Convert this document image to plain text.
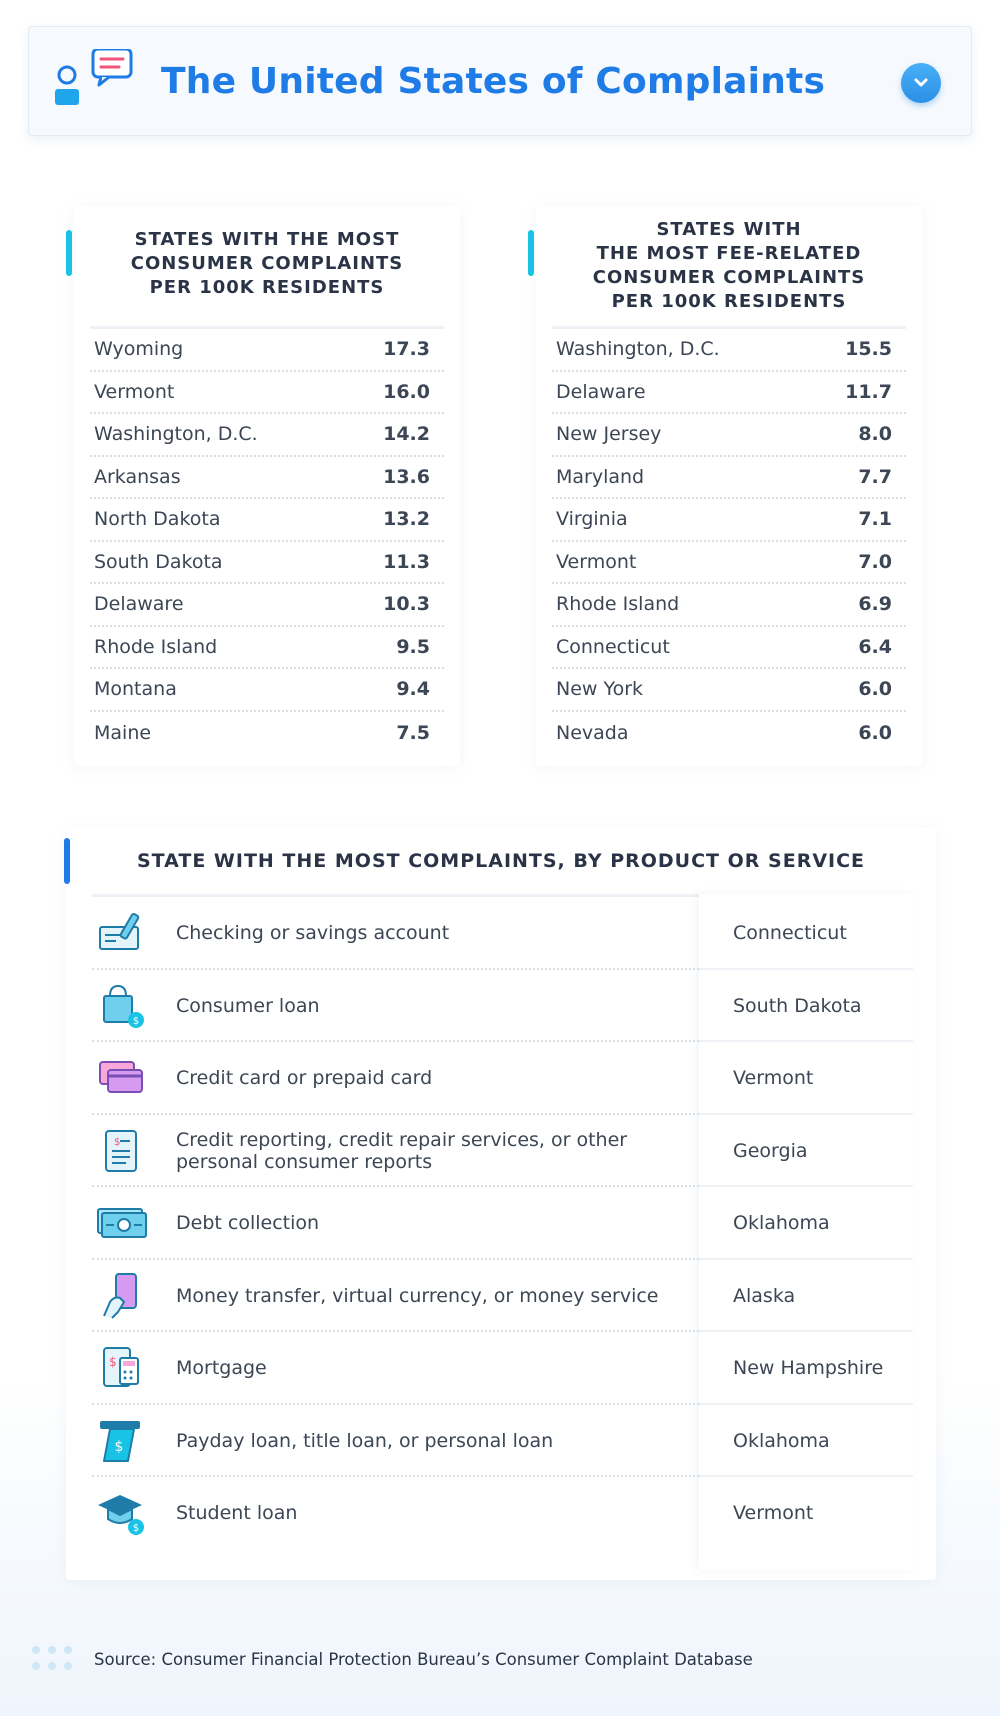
The United States of Complaints
STATES WITH THE MOST
CONSUMER COMPLAINTS
PER 100K RESIDENTS
Wyoming	17.3
Vermont	16.0
Washington, D.C.	14.2
Arkansas	13.6
North Dakota	13.2
South Dakota	11.3
Delaware	10.3
Rhode Island	9.5
Montana	9.4
Maine	7.5
STATES WITH
THE MOST FEE-RELATED
CONSUMER COMPLAINTS
PER 100K RESIDENTS
Washington, D.C.	15.5
Delaware	11.7
New Jersey	8.0
Maryland	7.7
Virginia	7.1
Vermont	7.0
Rhode Island	6.9
Connecticut	6.4
New York	6.0
Nevada	6.0
STATE WITH THE MOST COMPLAINTS, BY PRODUCT OR SERVICE
Checking or savings account	Connecticut
$
Consumer loan	South Dakota
Credit card or prepaid card	Vermont
$	Credit reporting, credit repair services, or other personal consumer reports	Georgia
Debt collection	Oklahoma
Money transfer, virtual currency, or money service	Alaska
$	Mortgage	New Hampshire
$	Payday loan, title loan, or personal loan	Oklahoma
$
Student loan	Vermont
Source: Consumer Financial Protection Bureau’s Consumer Complaint Database
